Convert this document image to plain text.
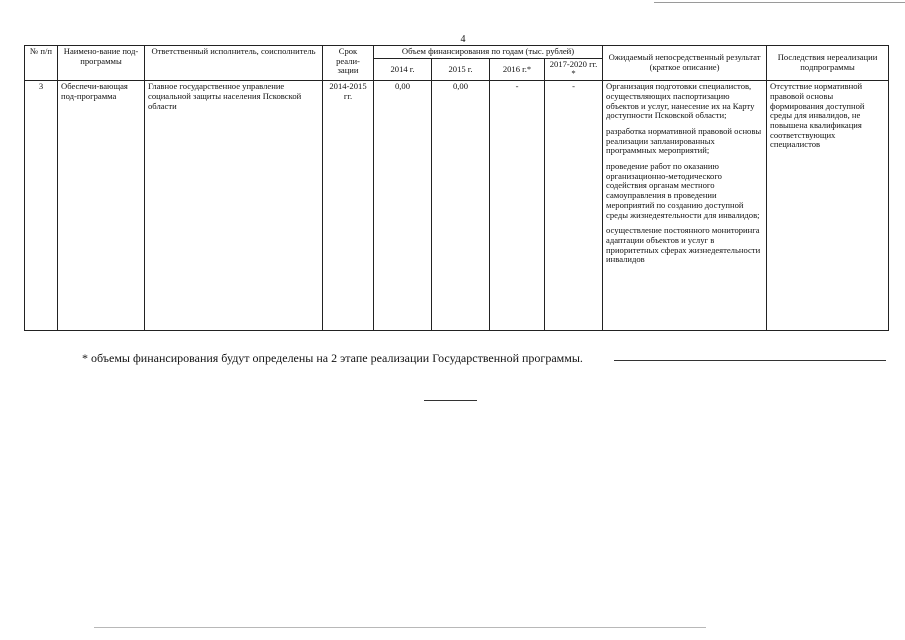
4
№ п/п	Наимено-вание под-программы	Ответственный исполнитель, соисполнитель	Срок реали-зации	Объем финансирования по годам (тыс. рублей)				Ожидаемый непосредственный результат (краткое описание)	Последствия нереализации подпрограммы
				2014 г.	2015 г.	2016 г.*	2017-2020 гг. *		
3	Обеспечи-вающая под-программа	Главное государственное управление социальной защиты населения Псковской области	2014-2015 гг.	0,00	0,00	-	-	Организация подготовки специалистов, осуществляющих паспортизацию объектов и услуг, нанесение их на Карту доступности Псковской области;
разработка нормативной правовой основы реализации запланированных программных мероприятий;
проведение работ по оказанию организационно-методического содействия органам местного самоуправления в проведении мероприятий по созданию доступной среды жизнедеятельности для инвалидов;
осуществление постоянного мониторинга адаптации объектов и услуг в приоритетных сферах жизнедеятельности инвалидов	Отсутствие нормативной правовой основы формирования доступной среды для инвалидов, не повышена квалификация соответствующих специалистов
* объемы финансирования будут определены на 2 этапе реализации Государственной программы.
